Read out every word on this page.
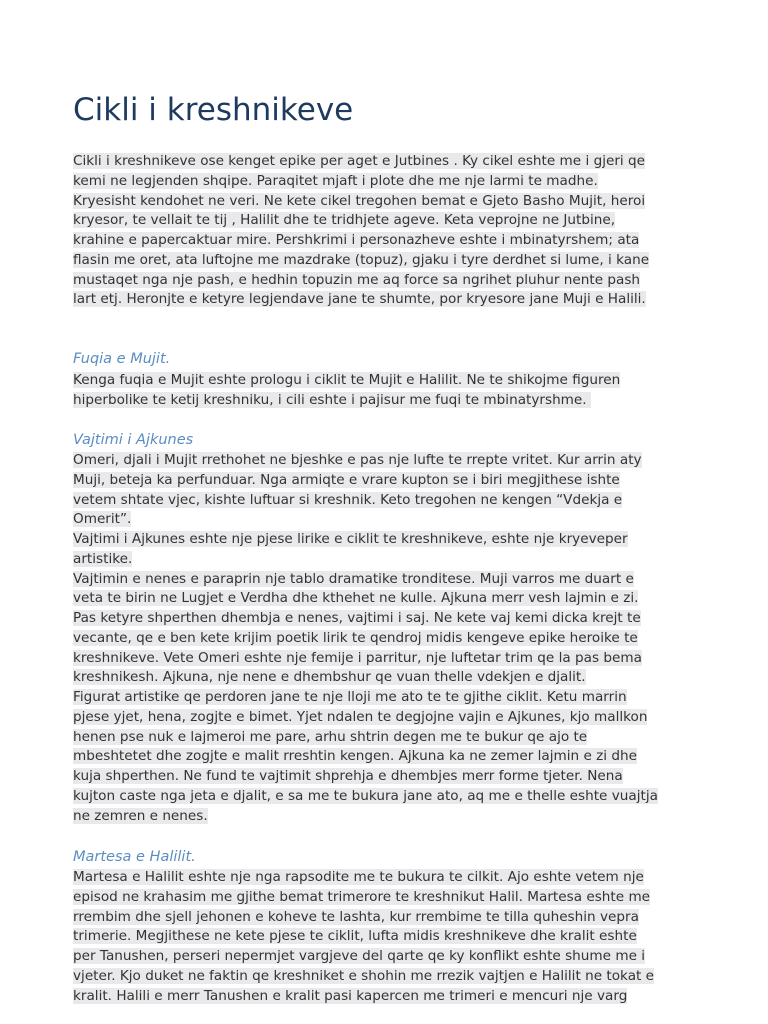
Cikli i kreshnikeve

Cikli i kreshnikeve ose kenget epike per aget e Jutbines . Ky cikel eshte me i gjeri qe
kemi ne legjenden shqipe. Paraqitet mjaft i plote dhe me nje larmi te madhe.
Kryesisht kendohet ne veri. Ne kete cikel tregohen bemat e Gjeto Basho Mujit, heroi
kryesor, te vellait te tij , Halilit dhe te tridhjete ageve. Keta veprojne ne Jutbine,
krahine e papercaktuar mire. Pershkrimi i personazheve eshte i mbinatyrshem; ata
flasin me oret, ata luftojne me mazdrake (topuz), gjaku i tyre derdhet si lume, i kane
mustaqet nga nje pash, e hedhin topuzin me aq force sa ngrihet pluhur nente pash
lart etj. Heronjte e ketyre legjendave jane te shumte, por kryesore jane Muji e Halili.

Fuqia e Mujit.

Kenga fuqia e Mujit eshte prologu i ciklit te Mujit e Halilit. Ne te shikojme figuren
hiperbolike te ketij kreshniku, i cili eshte i pajisur me fuqi te mbinatyrshme.

Vajtimi i Ajkunes

Omeri, djali i Mujit rrethohet ne bjeshke e pas nje lufte te rrepte vritet. Kur arrin aty
Muji, beteja ka perfunduar. Nga armiqte e vrare kupton se i biri megjithese ishte
vetem shtate vjec, kishte luftuar si kreshnik. Keto tregohen ne kengen “Vdekja e
Omerit”.
Vajtimi i Ajkunes eshte nje pjese lirike e ciklit te kreshnikeve, eshte nje kryeveper
artistike.
Vajtimin e nenes e paraprin nje tablo dramatike tronditese. Muji varros me duart e
veta te birin ne Lugjet e Verdha dhe kthehet ne kulle. Ajkuna merr vesh lajmin e zi.
Pas ketyre shperthen dhembja e nenes, vajtimi i saj. Ne kete vaj kemi dicka krejt te
vecante, qe e ben kete krijim poetik lirik te qendroj midis kengeve epike heroike te
kreshnikeve. Vete Omeri eshte nje femije i parritur, nje luftetar trim qe la pas bema
kreshnikesh. Ajkuna, nje nene e dhembshur qe vuan thelle vdekjen e djalit.
Figurat artistike qe perdoren jane te nje lloji me ato te te gjithe ciklit. Ketu marrin
pjese yjet, hena, zogjte e bimet. Yjet ndalen te degjojne vajin e Ajkunes, kjo mallkon
henen pse nuk e lajmeroi me pare, arhu shtrin degen me te bukur qe ajo te
mbeshtetet dhe zogjte e malit rreshtin kengen. Ajkuna ka ne zemer lajmin e zi dhe
kuja shperthen. Ne fund te vajtimit shprehja e dhembjes merr forme tjeter. Nena
kujton caste nga jeta e djalit, e sa me te bukura jane ato, aq me e thelle eshte vuajtja
ne zemren e nenes.

Martesa e Halilit.

Martesa e Halilit eshte nje nga rapsodite me te bukura te cilkit. Ajo eshte vetem nje
episod ne krahasim me gjithe bemat trimerore te kreshnikut Halil. Martesa eshte me
rrembim dhe sjell jehonen e koheve te lashta, kur rrembime te tilla quheshin vepra
trimerie. Megjithese ne kete pjese te ciklit, lufta midis kreshnikeve dhe kralit eshte
per Tanushen, perseri nepermjet vargjeve del qarte qe ky konflikt eshte shume me i
vjeter. Kjo duket ne faktin qe kreshniket e shohin me rrezik vajtjen e Halilit ne tokat e
kralit. Halili e merr Tanushen e kralit pasi kapercen me trimeri e mencuri nje varg
